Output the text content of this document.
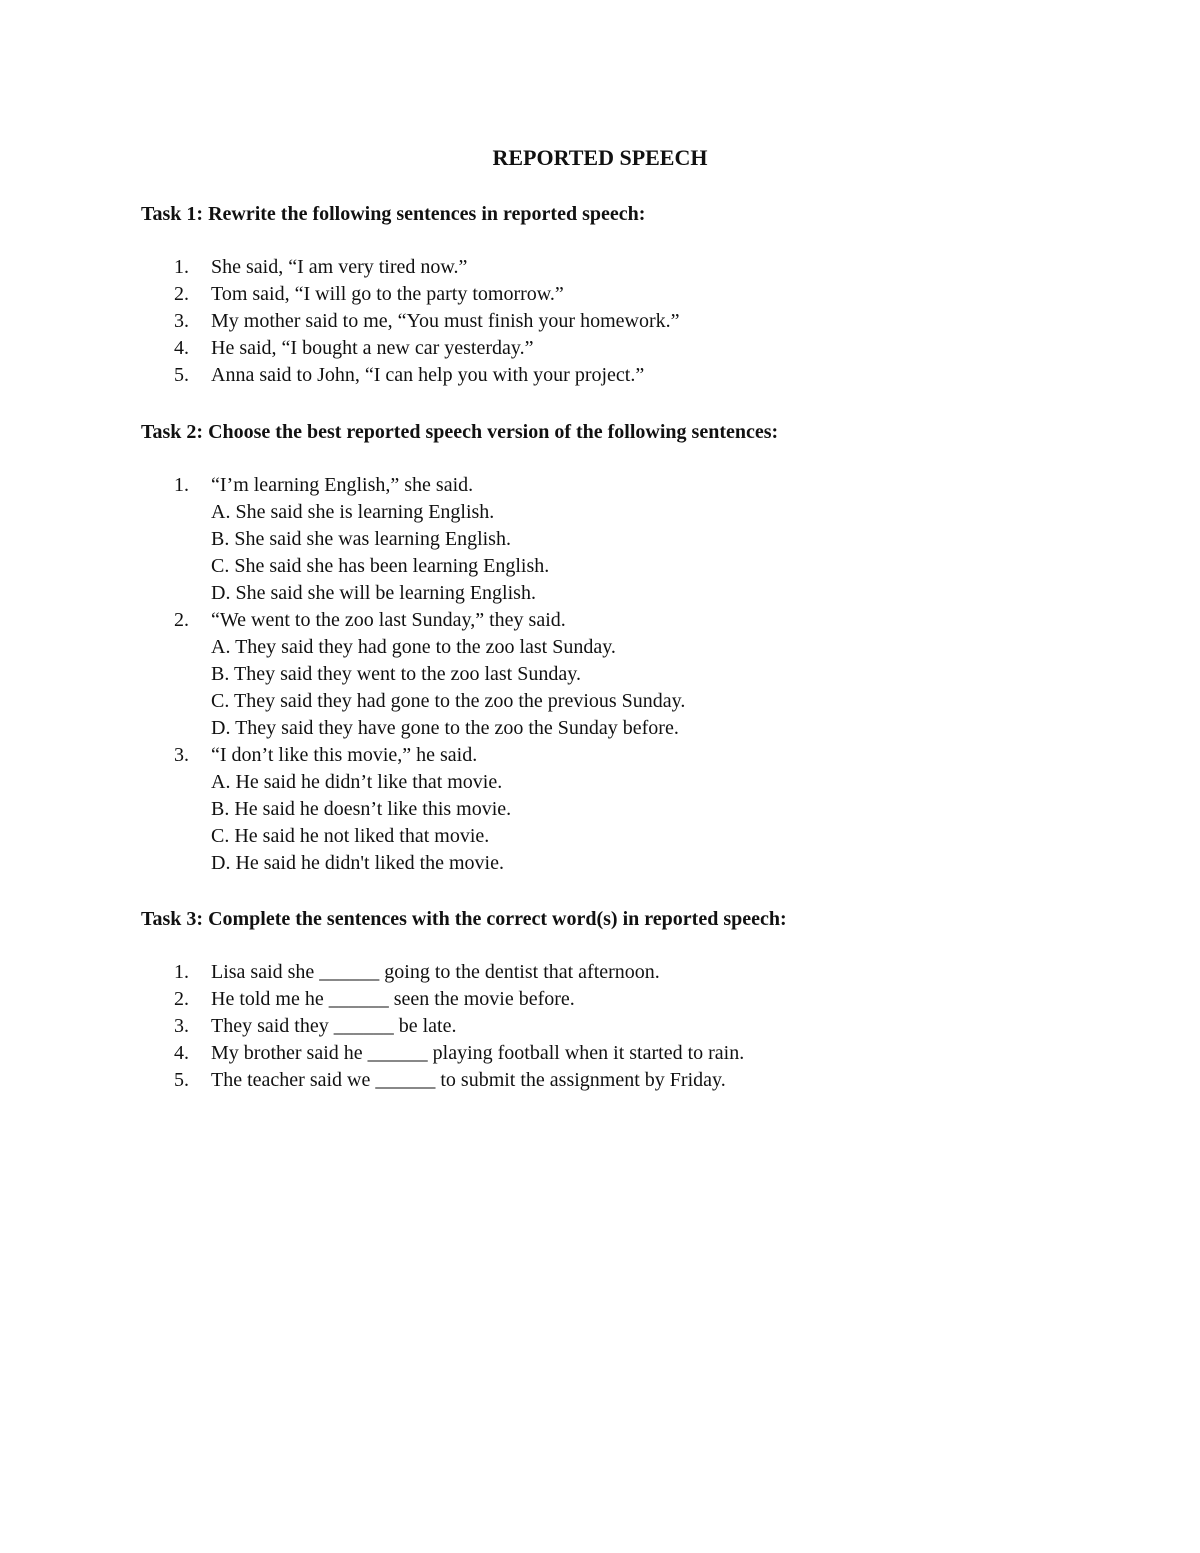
REPORTED SPEECH
Task 1: Rewrite the following sentences in reported speech:
1. She said, “I am very tired now.”
2. Tom said, “I will go to the party tomorrow.”
3. My mother said to me, “You must finish your homework.”
4. He said, “I bought a new car yesterday.”
5. Anna said to John, “I can help you with your project.”
Task 2: Choose the best reported speech version of the following sentences:
1. “I’m learning English,” she said.
A. She said she is learning English.
B. She said she was learning English.
C. She said she has been learning English.
D. She said she will be learning English.
2. “We went to the zoo last Sunday,” they said.
A. They said they had gone to the zoo last Sunday.
B. They said they went to the zoo last Sunday.
C. They said they had gone to the zoo the previous Sunday.
D. They said they have gone to the zoo the Sunday before.
3. “I don’t like this movie,” he said.
A. He said he didn’t like that movie.
B. He said he doesn’t like this movie.
C. He said he not liked that movie.
D. He said he didn't liked the movie.
Task 3: Complete the sentences with the correct word(s) in reported speech:
1. Lisa said she ______ going to the dentist that afternoon.
2. He told me he ______ seen the movie before.
3. They said they ______ be late.
4. My brother said he ______ playing football when it started to rain.
5. The teacher said we ______ to submit the assignment by Friday.
